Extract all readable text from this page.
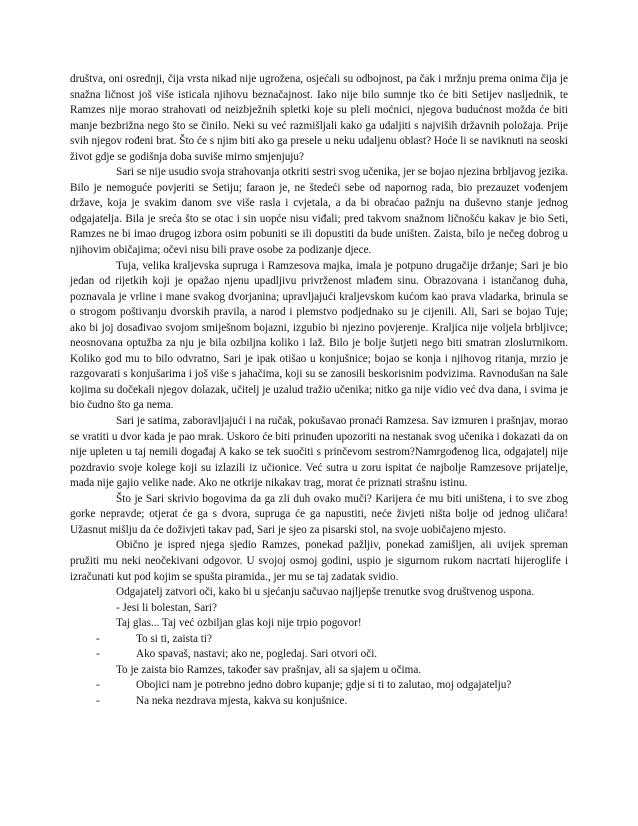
društva, oni osrednji, čija vrsta nikad nije ugrožena, osjećali su odbojnost, pa čak i mržnju prema onima čija je snažna ličnost još više isticala njihovu beznačajnost. Iako nije bilo sumnje tko će biti Setijev nasljednik, te Ramzes nije morao strahovati od neizbježnih spletki koje su pleli moćnici, njegova budućnost možda će biti manje bezbrižna nego što se činilo. Neki su već razmišljali kako ga udaljiti s najviših državnih položaja. Prije svih njegov rođeni brat. Što će s njim biti ako ga presele u neku udaljenu oblast? Hoće li se naviknuti na seoski život gdje se godišnja doba suviše mirno smjenjuju?

Sari se nije usudio svoja strahovanja otkriti sestri svog učenika, jer se bojao njezina brbljavog jezika. Bilo je nemoguće povjeriti se Setiju; faraon je, ne štedeći sebe od napornog rada, bio prezauzet vođenjem države, koja je svakim danom sve više rasla i cvjetala, a da bi obraćao pažnju na duševno stanje jednog odgajatelja. Bila je sreća što se otac i sin uopće nisu viđali; pred takvom snažnom ličnošću kakav je bio Seti, Ramzes ne bi imao drugog izbora osim pobuniti se ili dopustiti da bude uništen. Zaista, bilo je nečeg dobrog u njihovim običajima; očevi nisu bili prave osobe za podizanje djece.

Tuja, velika kraljevska supruga i Ramzesova majka, imala je potpuno drugačije držanje; Sari je bio jedan od rijetkih koji je opažao njenu upadljivu privrženost mlađem sinu. Obrazovana i istančanog duha, poznavala je vrline i mane svakog dvorjanina; upravljajući kraljevskom kućom kao prava vladarka, brinula se o strogom poštivanju dvorskih pravila, a narod i plemstvo podjednako su je cijenili. Ali, Sari se bojao Tuje; ako bi joj dosađivao svojom smiješnom bojazni, izgubio bi njezino povjerenje. Kraljica nije voljela brbljivce; neosnovana optužba za nju je bila ozbiljna koliko i laž. Bilo je bolje šutjeti nego biti smatran zlosluтnikom. Koliko god mu to bilo odvratno, Sari je ipak otišao u konjušnice; bojao se konja i njihovog ritanja, mrzio je razgovarati s konjušarima i još više s jahačima, koji su se zanosili beskorisnim podvizima. Ravnodušan na šale kojima su dočekali njegov dolazak, učitelj je uzalud tražio učenika; nitko ga nije vidio već dva dana, i svima je bio čudno što ga nema.

Sari je satima, zaboravljajući i na ručak, pokušavao pronaći Ramzesa. Sav izmuren i prašnjav, morao se vratiti u dvor kada je pao mrak. Uskoro će biti prinuđen upozoriti na nestanak svog učenika i dokazati da on nije upleten u taj nemili događaj A kako se tek suočiti s prinčevom sestrom?Namrgođenog lica, odgajatelj nije pozdravio svoje kolege koji su izlazili iz učionice. Već sutra u zoru ispitat će najbolje Ramzesove prijatelje, mada nije gajio velike nade. Ako ne otkrije nikakav trag, morat će priznati strašnu istinu.

Što je Sari skrivio bogovima da ga zli duh ovako muči? Karijera će mu biti uništena, i to sve zbog gorke nepravde; otjerat će ga s dvora, supruga će ga napustiti, neće živjeti ništa bolje od jednog uličara! Užasnut mišlju da će doživjeti takav pad, Sari je sjeo za pisarski stol, na svoje uobičajeno mjesto.

Obično je ispred njega sjedio Ramzes, ponekad pažljiv, ponekad zamišljen, ali uvijek spreman pružiti mu neki neočekivani odgovor. U svojoj osmoj godini, uspio je sigurnom rukom nacrtati hijeroglife i izračunati kut pod kojim se spušta piramida., jer mu se taj zadatak svidio.

Odgajatelj zatvori oči, kako bi u sjećanju sačuvao najljepše trenutke svog društvenog uspona.

- Jesi li bolestan, Sari?

Taj glas... Taj već ozbiljan glas koji nije trpio pogovor!

- To si ti, zaista ti?

- Ako spavaš, nastavi; ako ne, pogledaj. Sari otvori oči.

To je zaista bio Ramzes, također sav prašnjav, ali sa sjajem u očima.

- Obojici nam je potrebno jedno dobro kupanje; gdje si ti to zalutao, moj odgajatelju?

- Na neka nezdrava mjesta, kakva su konjušnice.
